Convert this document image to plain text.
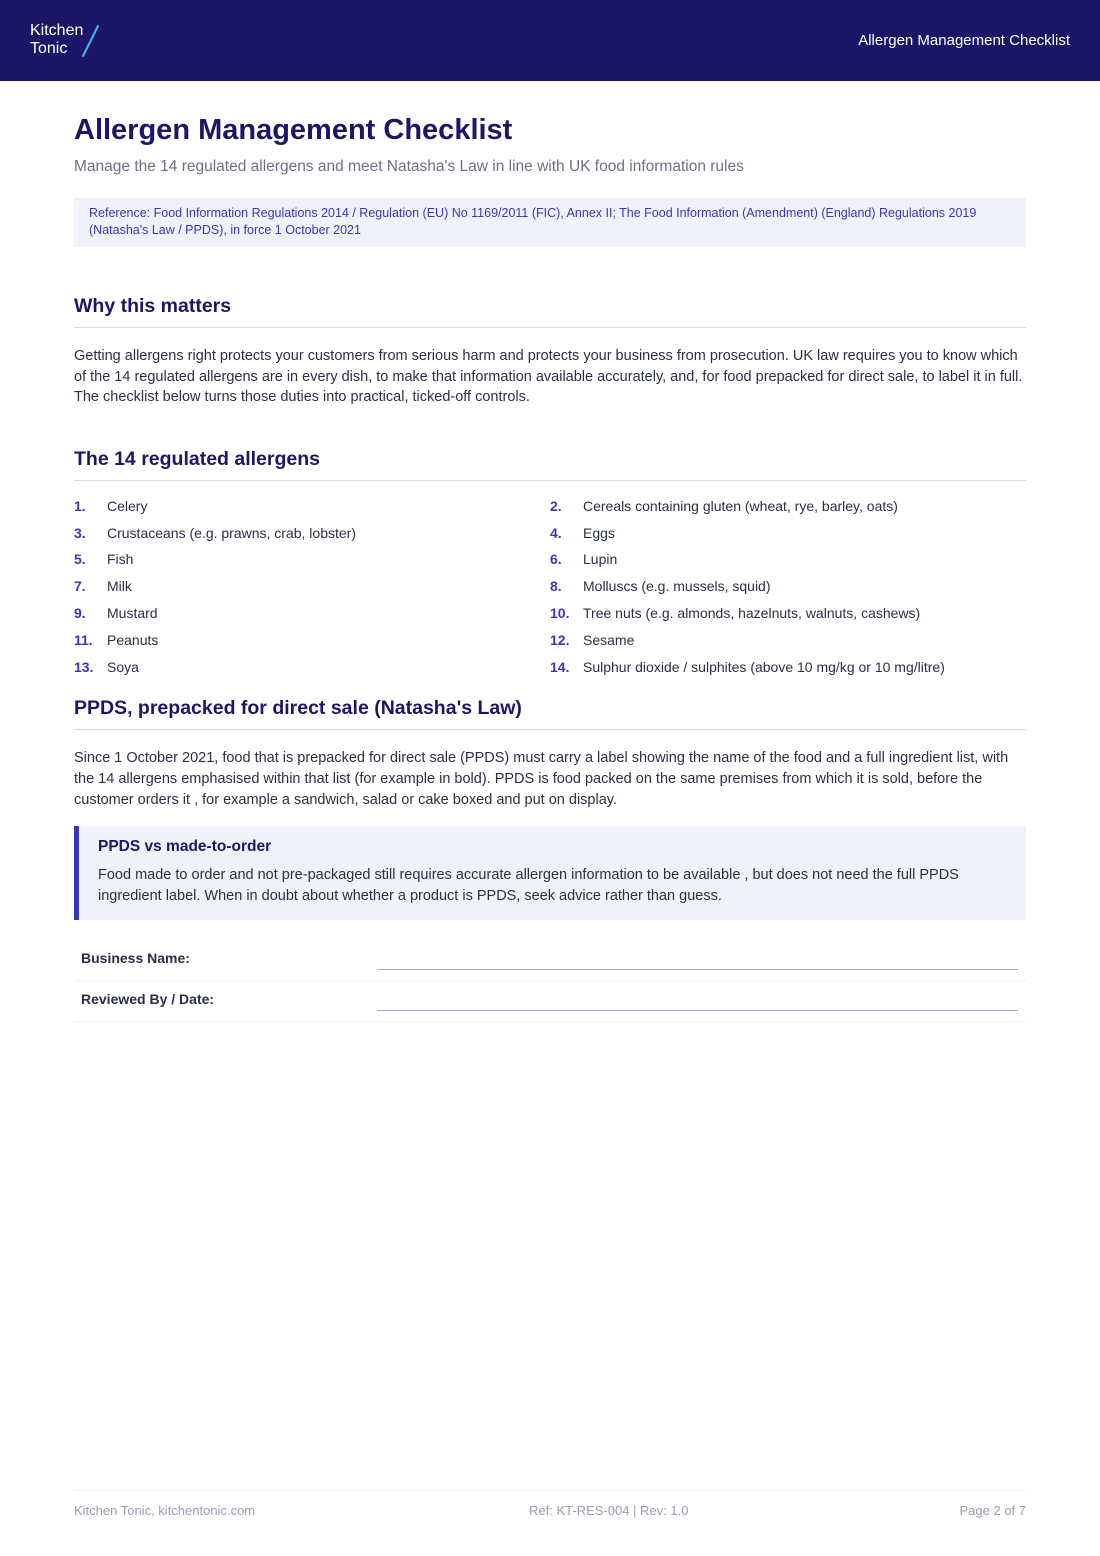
Kitchen
Tonic	Allergen Management Checklist
Allergen Management Checklist
Manage the 14 regulated allergens and meet Natasha's Law in line with UK food information rules
Reference: Food Information Regulations 2014 / Regulation (EU) No 1169/2011 (FIC), Annex II; The Food Information (Amendment) (England) Regulations 2019 (Natasha's Law / PPDS), in force 1 October 2021
Why this matters

Getting allergens right protects your customers from serious harm and protects your business from prosecution. UK law requires you to know which of the 14 regulated allergens are in every dish, to make that information available accurately, and, for food prepacked for direct sale, to label it in full. The checklist below turns those duties into practical, ticked-off controls.

The 14 regulated allergens
1.	Celery	2.	Cereals containing gluten (wheat, rye, barley, oats)
3.	Crustaceans (e.g. prawns, crab, lobster)	4.	Eggs
5.	Fish	6.	Lupin
7.	Milk	8.	Molluscs (e.g. mussels, squid)
9.	Mustard	10. Tree nuts (e.g. almonds, hazelnuts, walnuts, cashews)
11.	Peanuts	12. Sesame
13. Soya	14. Sulphur dioxide / sulphites (above 10 mg/kg or 10 mg/litre)
PPDS, prepacked for direct sale (Natasha's Law)

Since 1 October 2021, food that is prepacked for direct sale (PPDS) must carry a label showing the name of the food and a full ingredient list, with the 14 allergens emphasised within that list (for example in bold). PPDS is food packed on the same premises from which it is sold, before the customer orders it , for example a sandwich, salad or cake boxed and put on display.

PPDS vs made-to-order
Food made to order and not pre-packaged still requires accurate allergen information to be available , but does not need the full PPDS ingredient label. When in doubt about whether a product is PPDS, seek advice rather than guess.
Business Name:
Reviewed By / Date:
Kitchen Tonic, kitchentonic.com	Ref: KT-RES-004 | Rev: 1.0	Page 2 of 7
